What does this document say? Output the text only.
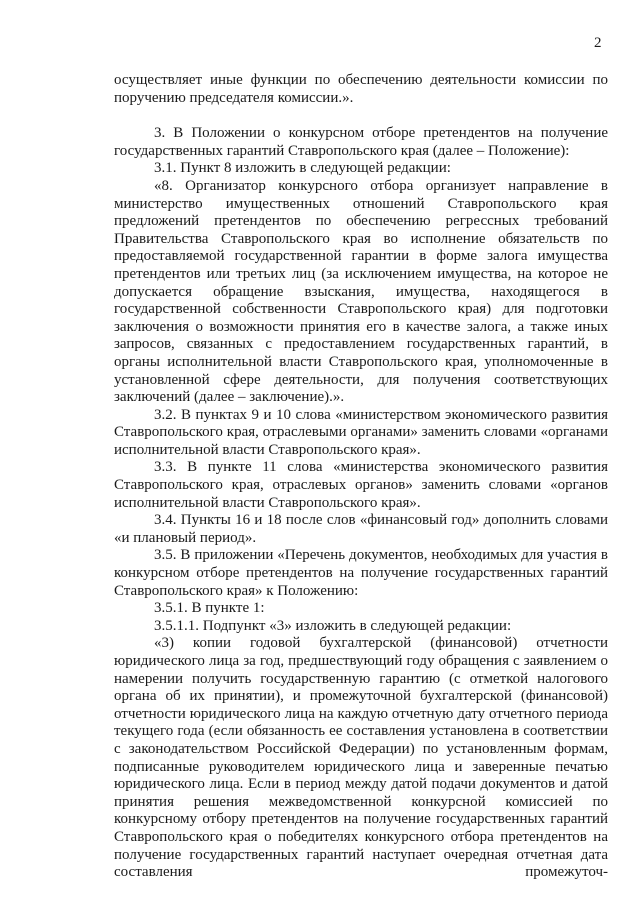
2

осуществляет иные функции по обеспечению деятельности комиссии по поручению председателя комиссии.».

3. В Положении о конкурсном отборе претендентов на получение государственных гарантий Ставропольского края (далее – Положение):

3.1. Пункт 8 изложить в следующей редакции:

«8. Организатор конкурсного отбора организует направление в министерство имущественных отношений Ставропольского края предложений претендентов по обеспечению регрессных требований Правительства Ставропольского края во исполнение обязательств по предоставляемой государственной гарантии в форме залога имущества претендентов или третьих лиц (за исключением имущества, на которое не допускается обращение взыскания, имущества, находящегося в государственной собственности Ставропольского края) для подготовки заключения о возможности принятия его в качестве залога, а также иных запросов, связанных с предоставлением государственных гарантий, в органы исполнительной власти Ставропольского края, уполномоченные в установленной сфере деятельности, для получения соответствующих заключений (далее – заключение).».

3.2. В пунктах 9 и 10 слова «министерством экономического развития Ставропольского края, отраслевыми органами» заменить словами «органами исполнительной власти Ставропольского края».

3.3. В пункте 11 слова «министерства экономического развития Ставропольского края, отраслевых органов» заменить словами «органов исполнительной власти Ставропольского края».

3.4. Пункты 16 и 18 после слов «финансовый год» дополнить словами «и плановый период».

3.5. В приложении «Перечень документов, необходимых для участия в конкурсном отборе претендентов на получение государственных гарантий Ставропольского края» к Положению:

3.5.1. В пункте 1:

3.5.1.1. Подпункт «3» изложить в следующей редакции:

«3) копии годовой бухгалтерской (финансовой) отчетности юридического лица за год, предшествующий году обращения с заявлением о намерении получить государственную гарантию (с отметкой налогового органа об их принятии), и промежуточной бухгалтерской (финансовой) отчетности юридического лица на каждую отчетную дату отчетного периода текущего года (если обязанность ее составления установлена в соответствии с законодательством Российской Федерации) по установленным формам, подписанные руководителем юридического лица и заверенные печатью юридического лица. Если в период между датой подачи документов и датой принятия решения межведомственной конкурсной комиссией по конкурсному отбору претендентов на получение государственных гарантий Ставропольского края о победителях конкурсного отбора претендентов на получение государственных гарантий наступает очередная отчетная дата составления промежуточ-
